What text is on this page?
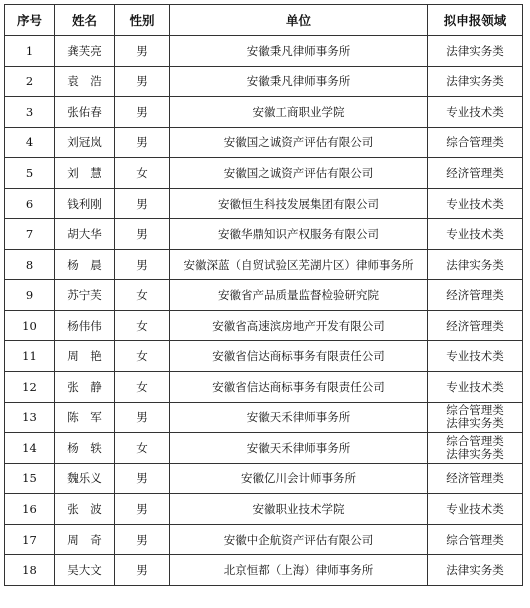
序号	姓名	性别	单位	拟申报领域
1	龚芙亮	男	安徽秉凡律师事务所	法律实务类

2	袁　浩	男	安徽秉凡律师事务所	法律实务类

3	张佑春	男	安徽工商职业学院	专业技术类

4	刘冠岚	男	安徽国之诚资产评估有限公司	综合管理类

5	刘　慧	女	安徽国之诚资产评估有限公司	经济管理类

6	钱利刚	男	安徽恒生科技发展集团有限公司	专业技术类

7	胡大华	男	安徽华鼎知识产权服务有限公司	专业技术类

8	杨　晨	男	安徽深蓝（自贸试验区芜湖片区）律师事务所	法律实务类

9	苏宁芙	女	安徽省产品质量监督检验研究院	经济管理类

10	杨伟伟	女	安徽省高速滨房地产开发有限公司	经济管理类

11	周　艳	女	安徽省信达商标事务有限责任公司	专业技术类

12	张　静	女	安徽省信达商标事务有限责任公司	专业技术类

13	陈　军	男	安徽天禾律师事务所	综合管理类
法律实务类

14	杨　轶	女	安徽天禾律师事务所	综合管理类
法律实务类

15	魏乐义	男	安徽亿川会计师事务所	经济管理类

16	张　波	男	安徽职业技术学院	专业技术类

17	周　奇	男	安徽中企航资产评估有限公司	综合管理类

18	吴大文	男	北京恒都（上海）律师事务所	法律实务类
